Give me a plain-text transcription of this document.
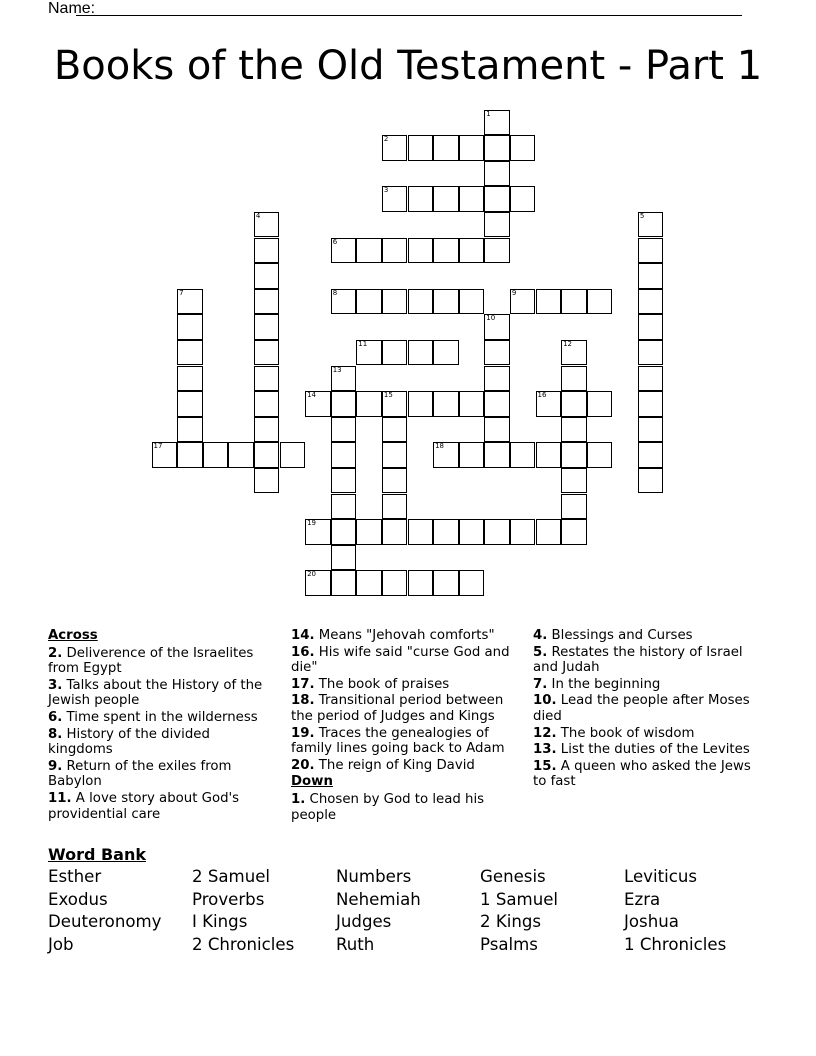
Name:
Books of the Old Testament - Part 1
1
2
3
4	5
6
7	8	9
10
11	12
13
14	15	16
17	18
19
20
Across
2. Deliverence of the Israelites from Egypt
3. Talks about the History of the Jewish people
6. Time spent in the wilderness
8. History of the divided kingdoms
9. Return of the exiles from Babylon
11. A love story about God's providential care
14. Means "Jehovah comforts"
16. His wife said "curse God and die"
17. The book of praises
18. Transitional period between the period of Judges and Kings
19. Traces the genealogies of family lines going back to Adam
20. The reign of King David
Down
1. Chosen by God to lead his people
4. Blessings and Curses
5. Restates the history of Israel and Judah
7. In the beginning
10. Lead the people after Moses died
12. The book of wisdom
13. List the duties of the Levites
15. A queen who asked the Jews to fast
Word Bank
Esther	2 Samuel	Numbers	Genesis	Leviticus
Exodus	Proverbs	Nehemiah	1 Samuel	Ezra
Deuteronomy	I Kings	Judges	2 Kings	Joshua
Job	2 Chronicles	Ruth	Psalms	1 Chronicles
